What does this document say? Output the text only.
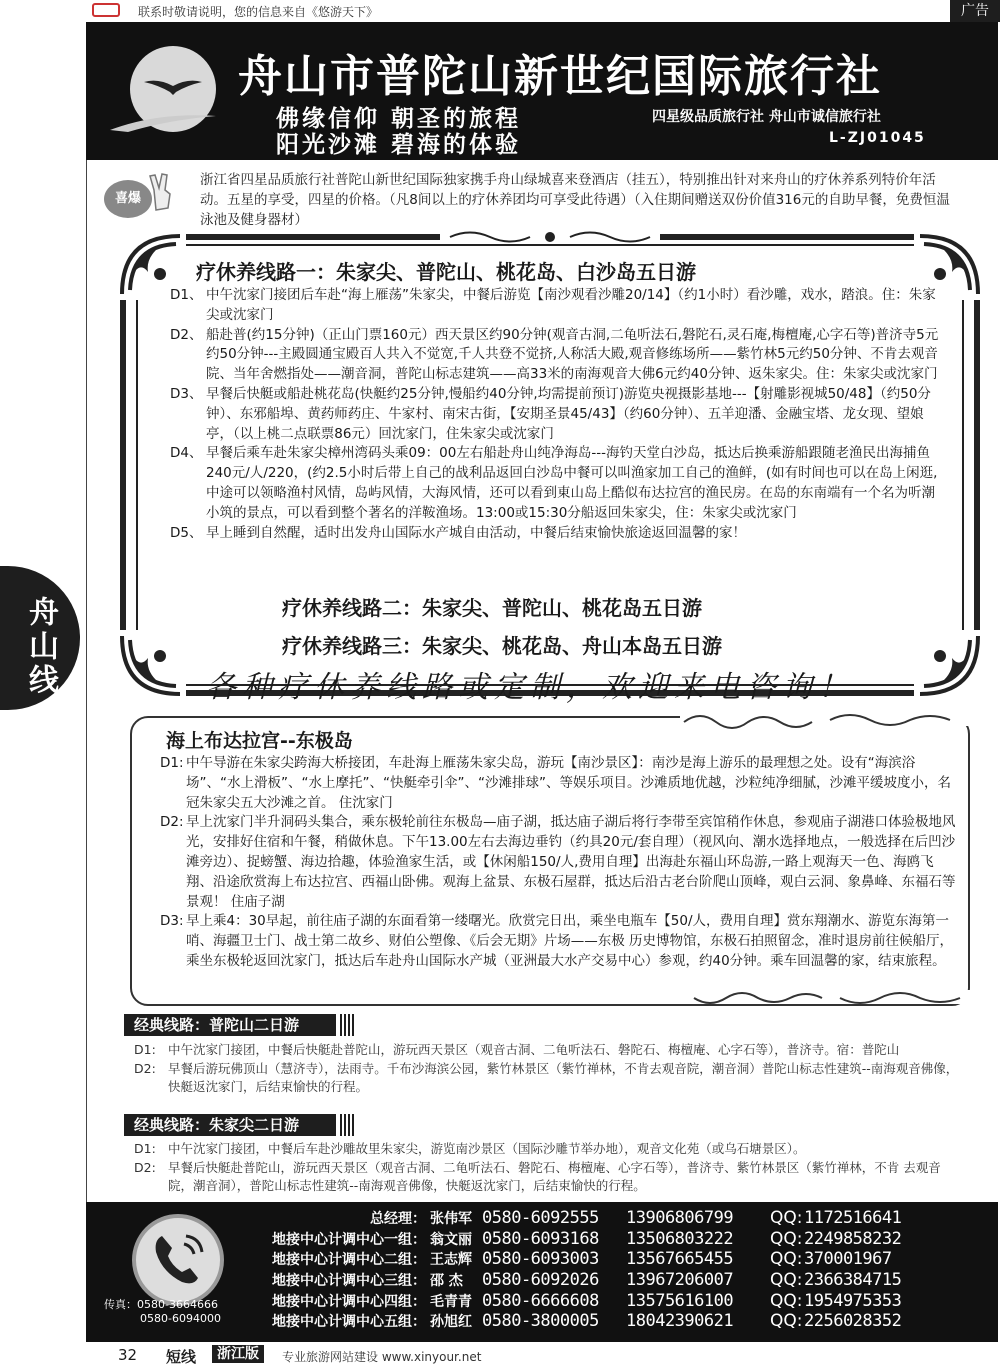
联系时敬请说明，您的信息来自《悠游天下》	广告
舟山线
舟山市普陀山新世纪国际旅行社
佛缘信仰 朝圣的旅程
阳光沙滩 碧海的体验
四星级品质旅行社 舟山市诚信旅行社
L-ZJ01045
喜爆
浙江省四星品质旅行社普陀山新世纪国际独家携手舟山绿城喜来登酒店（挂五），特别推出针对来舟山的疗休养系列特价年活动。五星的享受，四星的价格。（凡8间以上的疗休养团均可享受此待遇）（入住期间赠送双份价值316元的自助早餐，免费恒温泳池及健身器材）
疗休养线路一：朱家尖、普陀山、桃花岛、白沙岛五日游
D1、 中午沈家门接团后车赴“海上雁荡”朱家尖，中餐后游览【南沙观看沙雕20/14】（约1小时）看沙雕，戏水，踏浪。住：朱家尖或沈家门
D2、 船赴普(约15分钟)（正山门票160元）西天景区约90分钟(观音古洞,二龟听法石,磐陀石,灵石庵,梅檀庵,心字石等)普济寺5元约50分钟---主殿圆通宝殿百人共入不觉宽,千人共登不觉挤,人称活大殿,观音修练场所——紫竹林5元约50分钟、不肯去观音院、当年舍燃指处——潮音洞，普陀山标志建筑——高33米的南海观音大佛6元约40分钟、返朱家尖。住：朱家尖或沈家门
D3、 早餐后快艇或船赴桃花岛(快艇约25分钟,慢船约40分钟,均需提前预订)游览央视摄影基地---【射雕影视城50/48】（约50分钟）、东邪船埠、黄药师药庄、牛家村、南宋古街，【安期圣景45/43】（约60分钟）、五羊迎潘、金融宝塔、龙女现、望娘亭，（以上桃二点联票86元）回沈家门，住朱家尖或沈家门
D4、 早餐后乘车赴朱家尖樟州湾码头乘09：00左右船赴舟山纯净海岛---海钓天堂白沙岛，抵达后换乘游船跟随老渔民出海捕鱼240元/人/220，(约2.5小时后带上自己的战利品返回白沙岛中餐可以叫渔家加工自己的渔鲜，(如有时间也可以在岛上闲逛,中途可以领略渔村风情，岛屿风情，大海风情，还可以看到東山岛上酷似布达拉宫的渔民房。在岛的东南端有一个名为听潮小筑的景点，可以看到整个著名的洋鞍渔场。13:00或15:30分船返回朱家尖，住：朱家尖或沈家门
D5、 早上睡到自然醒，适时出发舟山国际水产城自由活动，中餐后结束愉快旅途返回温馨的家！
疗休养线路二：朱家尖、普陀山、桃花岛五日游
疗休养线路三：朱家尖、桃花岛、舟山本岛五日游
各种疗休养线路或定制，欢迎来电咨询！
海上布达拉宫--东极岛
D1: 中午导游在朱家尖跨海大桥接团，车赴海上雁荡朱家尖岛，游玩【南沙景区】：南沙是海上游乐的最理想之处。设有“海滨浴场”、“水上滑板”、“水上摩托”、“快艇牵引伞”、“沙滩排球”、等娱乐项目。沙滩质地优越，沙粒纯净细腻，沙滩平缓坡度小，名冠朱家尖五大沙滩之首。 住沈家门
D2: 早上沈家门半升洞码头集合，乘东极轮前往东极岛—庙子湖，抵达庙子湖后将行李带至宾馆稍作休息，参观庙子湖港口体验极地风光，安排好住宿和午餐，稍做休息。下午13.00左右去海边垂钓（约具20元/套自理）（视风向、潮水选择地点，一般选择在后凹沙滩旁边）、捉螃蟹、海边拾趣，体验渔家生活，或【休闲船150/人,费用自理】出海赴东福山环岛游,一路上观海天一色、海鸥飞翔、沿途欣赏海上布达拉宫、西福山卧佛。观海上盆景、东极石屋群，抵达后沿古老台阶爬山顶峰，观白云洞、象鼻峰、东福石等景观！ 住庙子湖
D3: 早上乘4：30早起，前往庙子湖的东面看第一缕曙光。欣赏完日出，乘坐电瓶车【50/人，费用自理】赏东翔潮水、游览东海第一哨、海疆卫士门、战士第二故乡、财伯公塑像、《后会无期》片场——东极 历史博物馆，东极石拍照留念，准时退房前往候船厅，乘坐东极轮返回沈家门，抵达后车赴舟山国际水产城（亚洲最大水产交易中心）参观，约40分钟。乘车回温馨的家，结束旅程。
经典线路：普陀山二日游
D1: 中午沈家门接团，中餐后快艇赴普陀山，游玩西天景区（观音古洞、二龟听法石、磐陀石、梅檀庵、心字石等），普济寺。宿：普陀山
D2: 早餐后游玩佛顶山（慧济寺），法雨寺。千布沙海滨公园，紫竹林景区（紫竹禅林，不肯去观音院，潮音洞）普陀山标志性建筑--南海观音佛像，快艇返沈家门，后结束愉快的行程。
经典线路：朱家尖二日游
D1: 中午沈家门接团，中餐后车赴沙雕故里朱家尖，游览南沙景区（国际沙雕节举办地），观音文化苑（或乌石塘景区）。
D2: 早餐后快艇赴普陀山，游玩西天景区（观音古洞、二龟听法石、磐陀石、梅檀庵、心字石等），普济寺、紫竹林景区（紫竹禅林，不肯 去观音院，潮音洞），普陀山标志性建筑--南海观音佛像，快艇返沈家门，后结束愉快的行程。
传真：0580-3664666
0580-6094000
总经理： 张伟军 0580-6092555	13906806799	QQ: 1172516641
地接中心计调中心一组： 翁文丽 0580-6093168	13506803222	QQ: 2249858232
地接中心计调中心二组： 王志辉 0580-6093003	13567665455	QQ: 370001967
地接中心计调中心三组： 邵 杰	0580-6092026	13967206007	QQ: 2366384715
地接中心计调中心四组： 毛青青 0580-6666608	13575616100	QQ: 1954975353
地接中心计调中心五组： 孙旭红 0580-3800005	18042390621	QQ: 2256028352
32 短线	浙江版	专业旅游网站建设 www.xinyour.net
